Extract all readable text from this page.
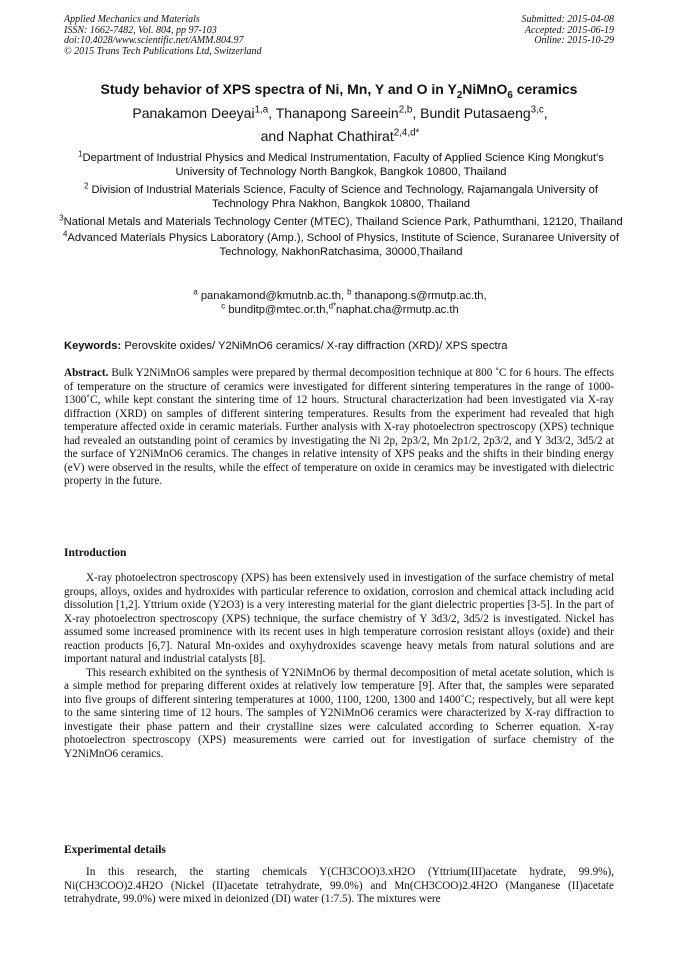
Applied Mechanics and Materials
ISSN: 1662-7482, Vol. 804, pp 97-103
doi:10.4028/www.scientific.net/AMM.804.97
© 2015 Trans Tech Publications Ltd, Switzerland
Submitted: 2015-04-08
Accepted: 2015-06-19
Online: 2015-10-29
Study behavior of XPS spectra of Ni, Mn, Y and O in $Y_2NiMnO_6$ ceramics
Panakamon Deeyai$^{1,a}$, Thanapong Sareein$^{2,b}$, Bundit Putasaeng$^{3,c}$,
and Naphat Chathirat$^{2,4,d*}$
$^1$Department of Industrial Physics and Medical Instrumentation, Faculty of Applied Science King Mongkut's University of Technology North Bangkok, Bangkok 10800, Thailand
$^2$ Division of Industrial Materials Science, Faculty of Science and Technology, Rajamangala University of Technology Phra Nakhon, Bangkok 10800, Thailand
$^3$National Metals and Materials Technology Center (MTEC), Thailand Science Park, Pathumthani, 12120, Thailand
$^4$Advanced Materials Physics Laboratory (Amp.), School of Physics, Institute of Science, Suranaree University of Technology, NakhonRatchasima, 30000,Thailand
$^a$ panakamond@kmutnb.ac.th, $^b$ thanapong.s@rmutp.ac.th,
$^c$ bunditp@mtec.or.th,$^{d*}$naphat.cha@rmutp.ac.th
Keywords: Perovskite oxides/ Y2NiMnO6 ceramics/ X-ray diffraction (XRD)/ XPS spectra
Abstract. Bulk Y2NiMnO6 samples were prepared by thermal decomposition technique at 800 ˚C for 6 hours. The effects of temperature on the structure of ceramics were investigated for different sintering temperatures in the range of 1000-1300˚C, while kept constant the sintering time of 12 hours. Structural characterization had been investigated via X-ray diffraction (XRD) on samples of different sintering temperatures. Results from the experiment had revealed that high temperature affected oxide in ceramic materials. Further analysis with X-ray photoelectron spectroscopy (XPS) technique had revealed an outstanding point of ceramics by investigating the Ni 2p, 2p3/2, Mn 2p1/2, 2p3/2, and Y 3d3/2, 3d5/2 at the surface of Y2NiMnO6 ceramics. The changes in relative intensity of XPS peaks and the shifts in their binding energy (eV) were observed in the results, while the effect of temperature on oxide in ceramics may be investigated with dielectric property in the future.
Introduction

X-ray photoelectron spectroscopy (XPS) has been extensively used in investigation of the surface chemistry of metal groups, alloys, oxides and hydroxides with particular reference to oxidation, corrosion and chemical attack including acid dissolution [1,2]. Yttrium oxide (Y2O3) is a very interesting material for the giant dielectric properties [3-5]. In the part of X-ray photoelectron spectroscopy (XPS) technique, the surface chemistry of Y 3d3/2, 3d5/2 is investigated. Nickel has assumed some increased prominence with its recent uses in high temperature corrosion resistant alloys (oxide) and their reaction products [6,7]. Natural Mn-oxides and oxyhydroxides scavenge heavy metals from natural solutions and are important natural and industrial catalysts [8].

This research exhibited on the synthesis of Y2NiMnO6 by thermal decomposition of metal acetate solution, which is a simple method for preparing different oxides at relatively low temperature [9]. After that, the samples were separated into five groups of different sintering temperatures at 1000, 1100, 1200, 1300 and 1400˚C; respectively, but all were kept to the same sintering time of 12 hours. The samples of Y2NiMnO6 ceramics were characterized by X-ray diffraction to investigate their phase pattern and their crystalline sizes were calculated according to Scherrer equation. X-ray photoelectron spectroscopy (XPS) measurements were carried out for investigation of surface chemistry of the Y2NiMnO6 ceramics.

Experimental details

In this research, the starting chemicals Y(CH3COO)3.xH2O (Yttrium(III)acetate hydrate, 99.9%), Ni(CH3COO)2.4H2O (Nickel (II)acetate tetrahydrate, 99.0%) and Mn(CH3COO)2.4H2O (Manganese (II)acetate tetrahydrate, 99.0%) were mixed in deionized (DI) water (1:7.5). The mixtures were
